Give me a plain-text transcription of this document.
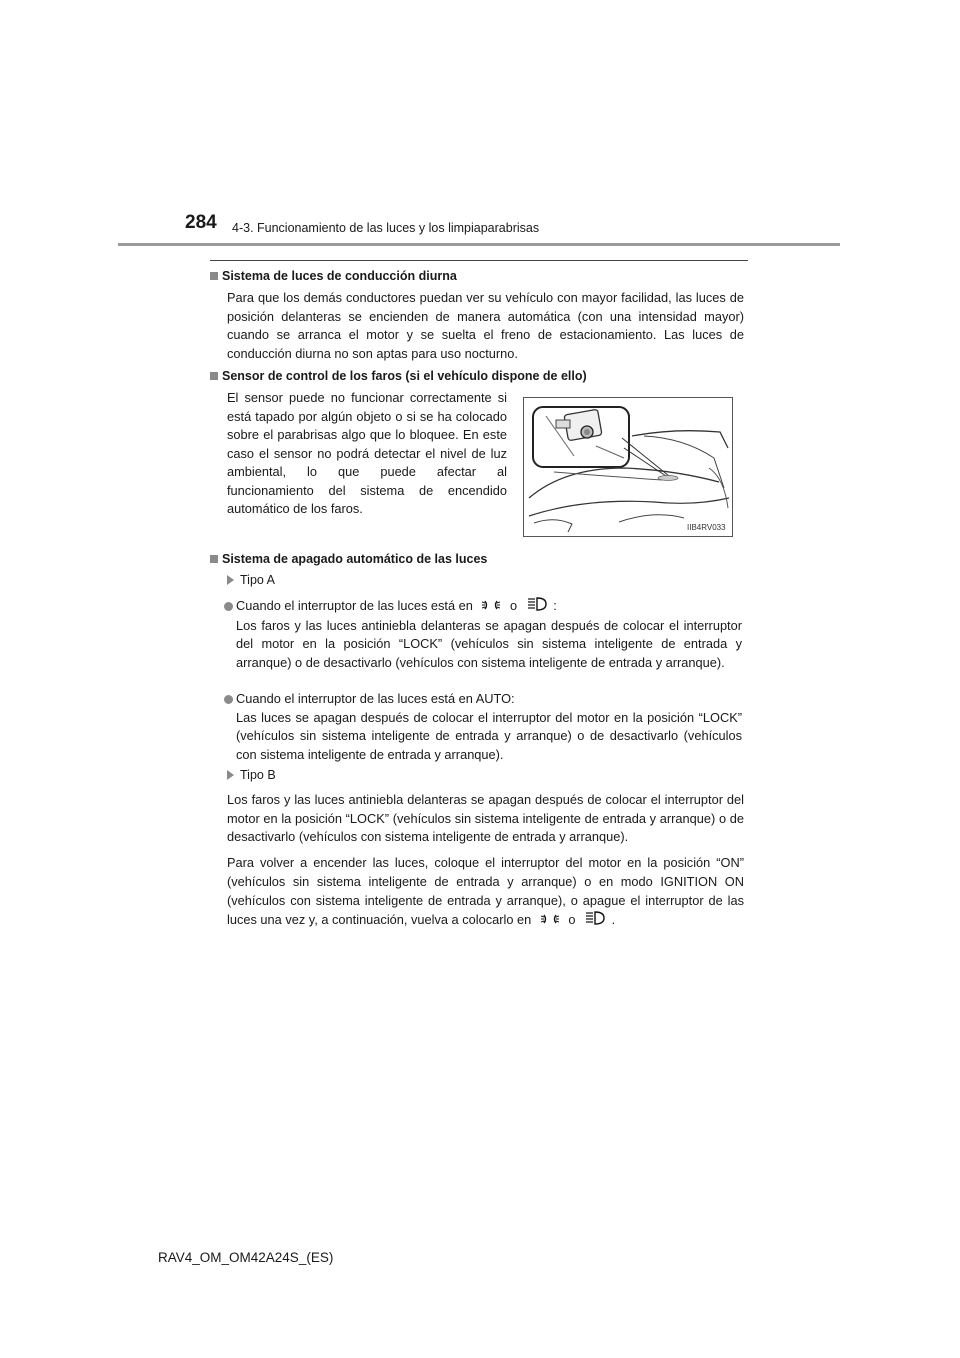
284 4-3. Funcionamiento de las luces y los limpiaparabrisas
Sistema de luces de conducción diurna

Para que los demás conductores puedan ver su vehículo con mayor facilidad, las luces de posición delanteras se encienden de manera automática (con una intensidad mayor) cuando se arranca el motor y se suelta el freno de estacionamiento. Las luces de conducción diurna no son aptas para uso nocturno.

Sensor de control de los faros (si el vehículo dispone de ello)

El sensor puede no funcionar correctamente si está tapado por algún objeto o si se ha colocado sobre el parabrisas algo que lo bloquee. En este caso el sensor no podrá detectar el nivel de luz ambiental, lo que puede afectar al funcionamiento del sistema de encendido automático de los faros.

IIB4RV033
Sistema de apagado automático de las luces
Tipo A
Cuando el interruptor de las luces está en	o	:
Los faros y las luces antiniebla delanteras se apagan después de colocar el interruptor del motor en la posición “LOCK” (vehículos sin sistema inteligente de entrada y arranque) o de desactivarlo (vehículos con sistema inteligente de entrada y arranque).
Cuando el interruptor de las luces está en AUTO:
Las luces se apagan después de colocar el interruptor del motor en la posición “LOCK” (vehículos sin sistema inteligente de entrada y arranque) o de desactivarlo (vehículos con sistema inteligente de entrada y arranque).
Tipo B

Los faros y las luces antiniebla delanteras se apagan después de colocar el interruptor del motor en la posición “LOCK” (vehículos sin sistema inteligente de entrada y arranque) o de desactivarlo (vehículos con sistema inteligente de entrada y arranque).

Para volver a encender las luces, coloque el interruptor del motor en la posición “ON” (vehículos sin sistema inteligente de entrada y arranque) o en modo IGNITION ON (vehículos con sistema inteligente de entrada y arranque), o apague el interruptor de las luces una vez y, a continuación, vuelva a colocarlo en	o	.

RAV4_OM_OM42A24S_(ES)
